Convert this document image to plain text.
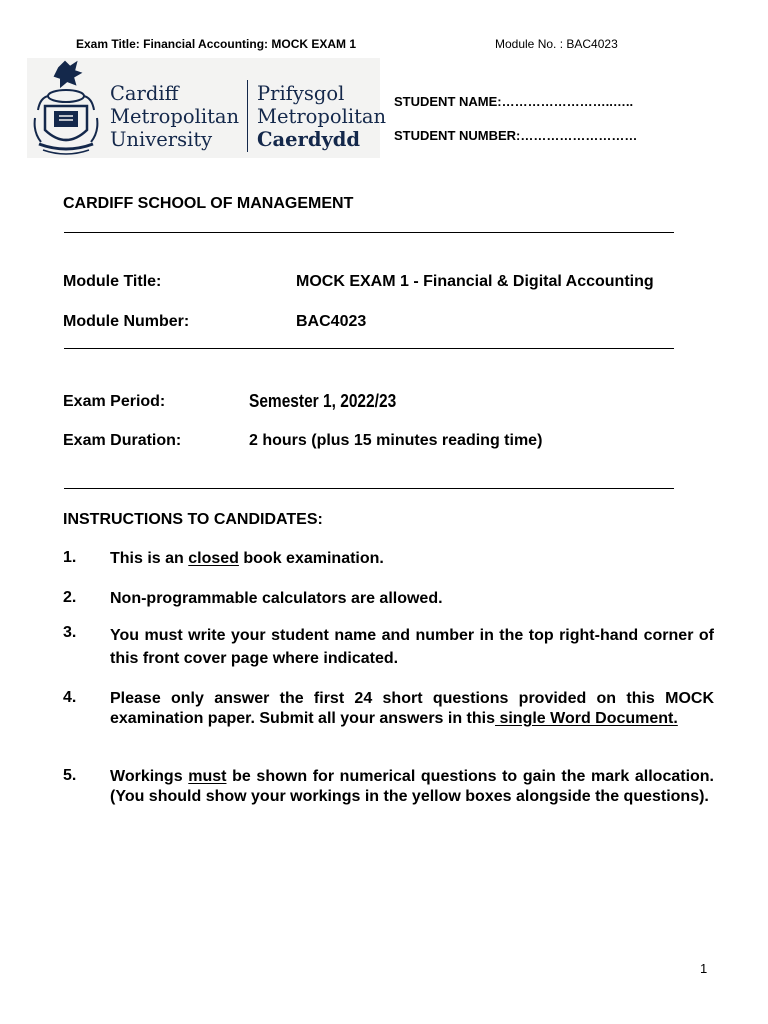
Exam Title: Financial Accounting: MOCK EXAM 1	Module No. : BAC4023
Cardiff
Metropolitan
University
Prifysgol
Metropolitan
Caerdydd
STUDENT NAME:……………………..…..
STUDENT NUMBER:………………………
CARDIFF SCHOOL OF MANAGEMENT
Module Title:	MOCK EXAM 1 - Financial & Digital Accounting
Module Number:	BAC4023
Exam Period:	Semester 1, 2022/23
Exam Duration:	2 hours (plus 15 minutes reading time)
INSTRUCTIONS TO CANDIDATES:
1. This is an closed book examination.
2. Non-programmable calculators are allowed.
3. You must write your student name and number in the top right-hand corner of this front cover page where indicated.
4. Please only answer the first 24 short questions provided on this MOCK examination paper. Submit all your answers in this single Word Document.
5. Workings must be shown for numerical questions to gain the mark allocation. (You should show your workings in the yellow boxes alongside the questions).
1
